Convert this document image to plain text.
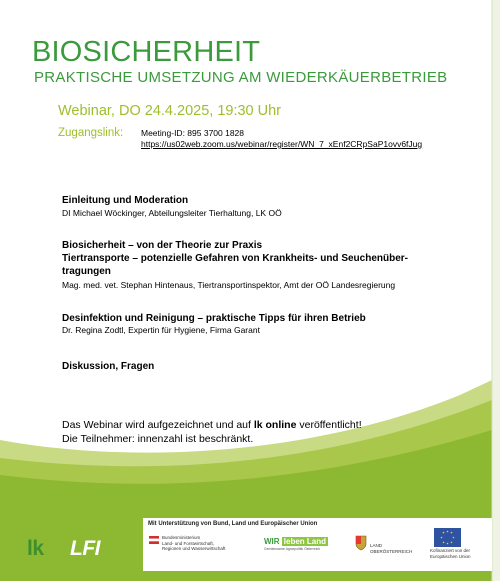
BIOSICHERHEIT
PRAKTISCHE UMSETZUNG AM WIEDERKÄUERBETRIEB
Webinar, DO 24.4.2025, 19:30 Uhr
Zugangslink: Meeting-ID: 895 3700 1828
https://us02web.zoom.us/webinar/register/WN_7_xEnf2CRpSaP1ovv6fJug
Einleitung und Moderation
DI Michael Wöckinger, Abteilungsleiter Tierhaltung, LK OÖ
Biosicherheit – von der Theorie zur Praxis
Tiertransporte – potenzielle Gefahren von Krankheits- und Seuchenüber-
tragungen
Mag. med. vet. Stephan Hintenaus, Tiertransportinspektor, Amt der OÖ Landesregierung
Desinfektion und Reinigung – praktische Tipps für ihren Betrieb
Dr. Regina Zodtl, Expertin für Hygiene, Firma Garant
Diskussion, Fragen
Das Webinar wird aufgezeichnet und auf lk online veröffentlicht!
Die Teilnehmer: innenzahl ist beschränkt.
lk LFI
Mit Unterstützung von Bund, Land und Europäischer Union
Bundesministerium
Land- und Forstwirtschaft,
Regionen und Wasserwirtschaft
WIR leben Land
Gemeinsame Agrarpolitik Österreich
LAND
OBERÖSTERREICH	Kofinanziert von der
Europäischen Union
